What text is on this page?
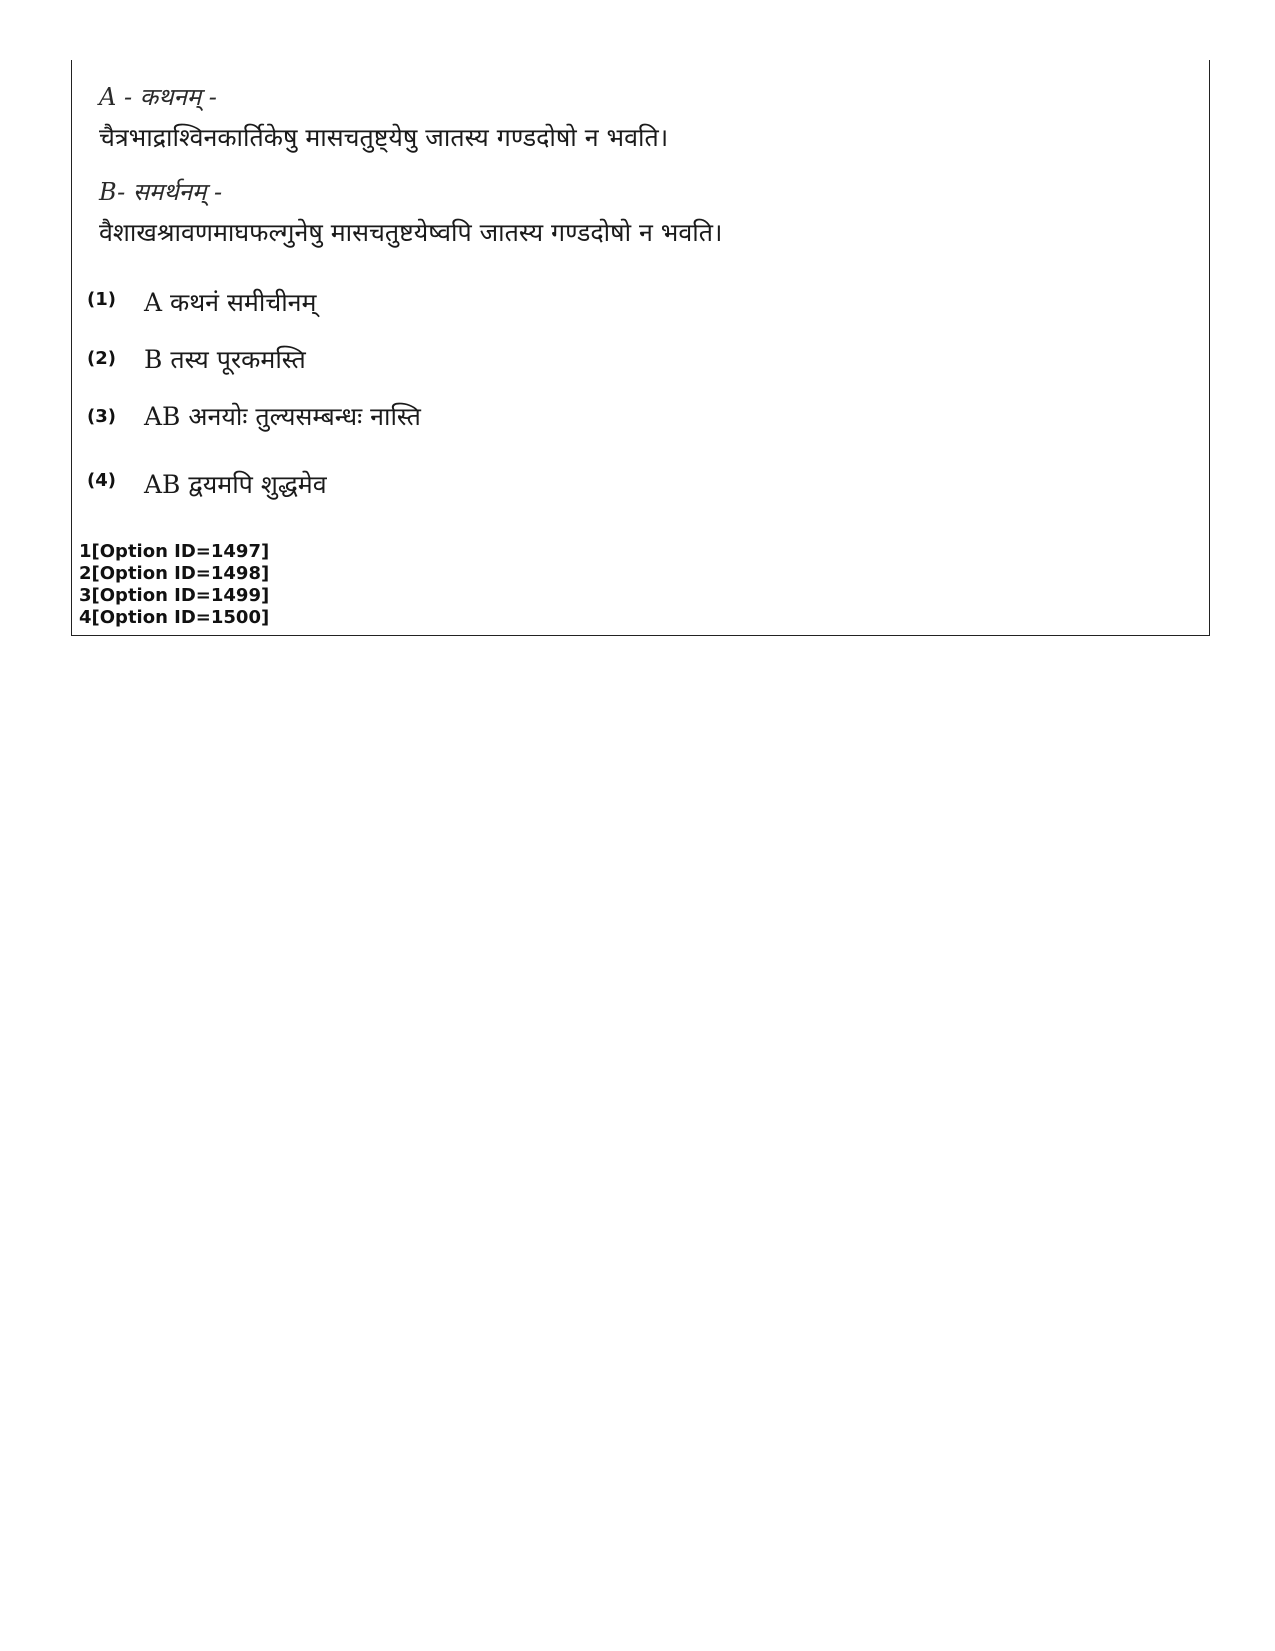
A - कथनम् -
चैत्रभाद्राश्विनकार्तिकेषु मासचतुष्ट्येषु जातस्य गण्डदोषो न भवति।
B- समर्थनम् -
वैशाखश्रावणमाघफल्गुनेषु मासचतुष्टयेष्वपि जातस्य गण्डदोषो न भवति।
(1) A कथनं समीचीनम्
(2) B तस्य पूरकमस्ति
(3) AB अनयोः तुल्यसम्बन्धः नास्ति
(4) AB द्वयमपि शुद्धमेव
1[Option ID=1497]
2[Option ID=1498]
3[Option ID=1499]
4[Option ID=1500]
